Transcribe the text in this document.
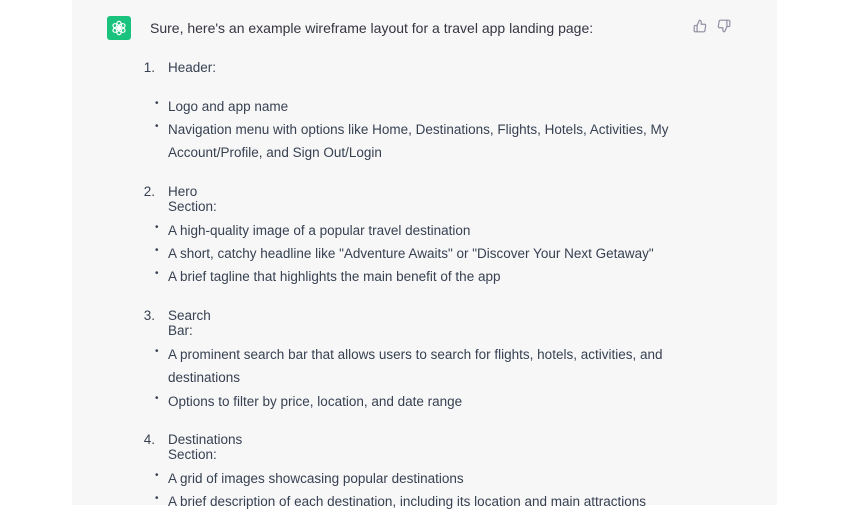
Sure, here's an example wireframe layout for a travel app landing page:
1. Header:
• Logo and app name
• Navigation menu with options like Home, Destinations, Flights, Hotels, Activities, My Account/Profile, and Sign Out/Login
2. Hero Section:
• A high-quality image of a popular travel destination
• A short, catchy headline like "Adventure Awaits" or "Discover Your Next Getaway"
• A brief tagline that highlights the main benefit of the app
3. Search Bar:
• A prominent search bar that allows users to search for flights, hotels, activities, and destinations
• Options to filter by price, location, and date range
4. Destinations Section:
• A grid of images showcasing popular destinations
• A brief description of each destination, including its location and main attractions
